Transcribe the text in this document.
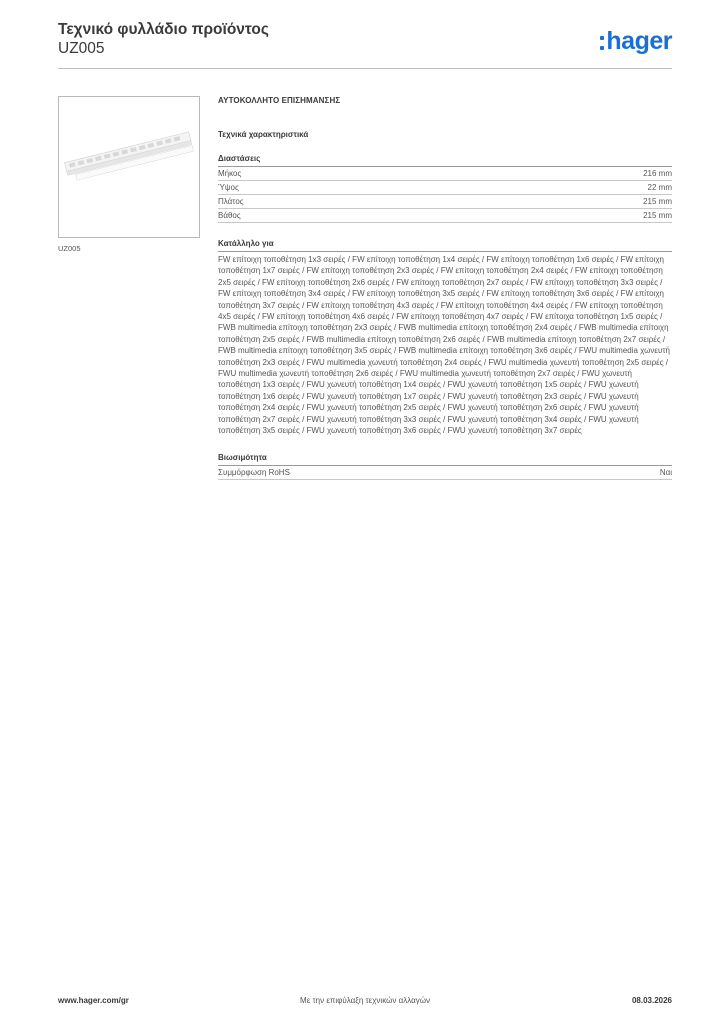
Τεχνικό φυλλάδιο προϊόντος
UZ005	hager
UZ005
ΑΥΤΟΚΟΛΛΗΤΟ ΕΠΙΣΗΜΑΝΣΗΣ
Τεχνικά χαρακτηριστικά
Διαστάσεις
Μήκος	216 mm
Ύψος	22 mm
Πλάτος	215 mm
Βάθος	215 mm
Κατάλληλο για
FW επίτοιχη τοποθέτηση 1x3 σειρές / FW επίτοιχη τοποθέτηση 1x4 σειρές / FW επίτοιχη τοποθέτηση 1x6 σειρές / FW επίτοιχη τοποθέτηση 1x7 σειρές / FW επίτοιχη τοποθέτηση 2x3 σειρές / FW επίτοιχη τοποθέτηση 2x4 σειρές / FW επίτοιχη τοποθέτηση 2x5 σειρές / FW επίτοιχη τοποθέτηση 2x6 σειρές / FW επίτοιχη τοποθέτηση 2x7 σειρές / FW επίτοιχη τοποθέτηση 3x3 σειρές / FW επίτοιχη τοποθέτηση 3x4 σειρές / FW επίτοιχη τοποθέτηση 3x5 σειρές / FW επίτοιχη τοποθέτηση 3x6 σειρές / FW επίτοιχη τοποθέτηση 3x7 σειρές / FW επίτοιχη τοποθέτηση 4x3 σειρές / FW επίτοιχη τοποθέτηση 4x4 σειρές / FW επίτοιχη τοποθέτηση 4x5 σειρές / FW επίτοιχη τοποθέτηση 4x6 σειρές / FW επίτοιχη τοποθέτηση 4x7 σειρές / FW επίτοιχα τοποθέτηση 1x5 σειρές / FWB multimedia επίτοιχη τοποθέτηση 2x3 σειρές / FWB multimedia επίτοιχη τοποθέτηση 2x4 σειρές / FWB multimedia επίτοιχη τοποθέτηση 2x5 σειρές / FWB multimedia επίτοιχη τοποθέτηση 2x6 σειρές / FWB multimedia επίτοιχη τοποθέτηση 2x7 σειρές / FWB multimedia επίτοιχη τοποθέτηση 3x5 σειρές / FWB multimedia επίτοιχη τοποθέτηση 3x6 σειρές / FWU multimedia χωνευτή τοποθέτηση 2x3 σειρές / FWU multimedia χωνευτή τοποθέτηση 2x4 σειρές / FWU multimedia χωνευτή τοποθέτηση 2x5 σειρές / FWU multimedia χωνευτή τοποθέτηση 2x6 σειρές / FWU multimedia χωνευτή τοποθέτηση 2x7 σειρές / FWU χωνευτή τοποθέτηση 1x3 σειρές / FWU χωνευτή τοποθέτηση 1x4 σειρές / FWU χωνευτή τοποθέτηση 1x5 σειρές / FWU χωνευτή τοποθέτηση 1x6 σειρές / FWU χωνευτή τοποθέτηση 1x7 σειρές / FWU χωνευτή τοποθέτηση 2x3 σειρές / FWU χωνευτή τοποθέτηση 2x4 σειρές / FWU χωνευτή τοποθέτηση 2x5 σειρές / FWU χωνευτή τοποθέτηση 2x6 σειρές / FWU χωνευτή τοποθέτηση 2x7 σειρές / FWU χωνευτή τοποθέτηση 3x3 σειρές / FWU χωνευτή τοποθέτηση 3x4 σειρές / FWU χωνευτή τοποθέτηση 3x5 σειρές / FWU χωνευτή τοποθέτηση 3x6 σειρές / FWU χωνευτή τοποθέτηση 3x7 σειρές
Βιωσιμότητα
Συμμόρφωση RoHS	Ναι
www.hager.com/gr	Με την επιφύλαξη τεχνικών αλλαγών	08.03.2026
